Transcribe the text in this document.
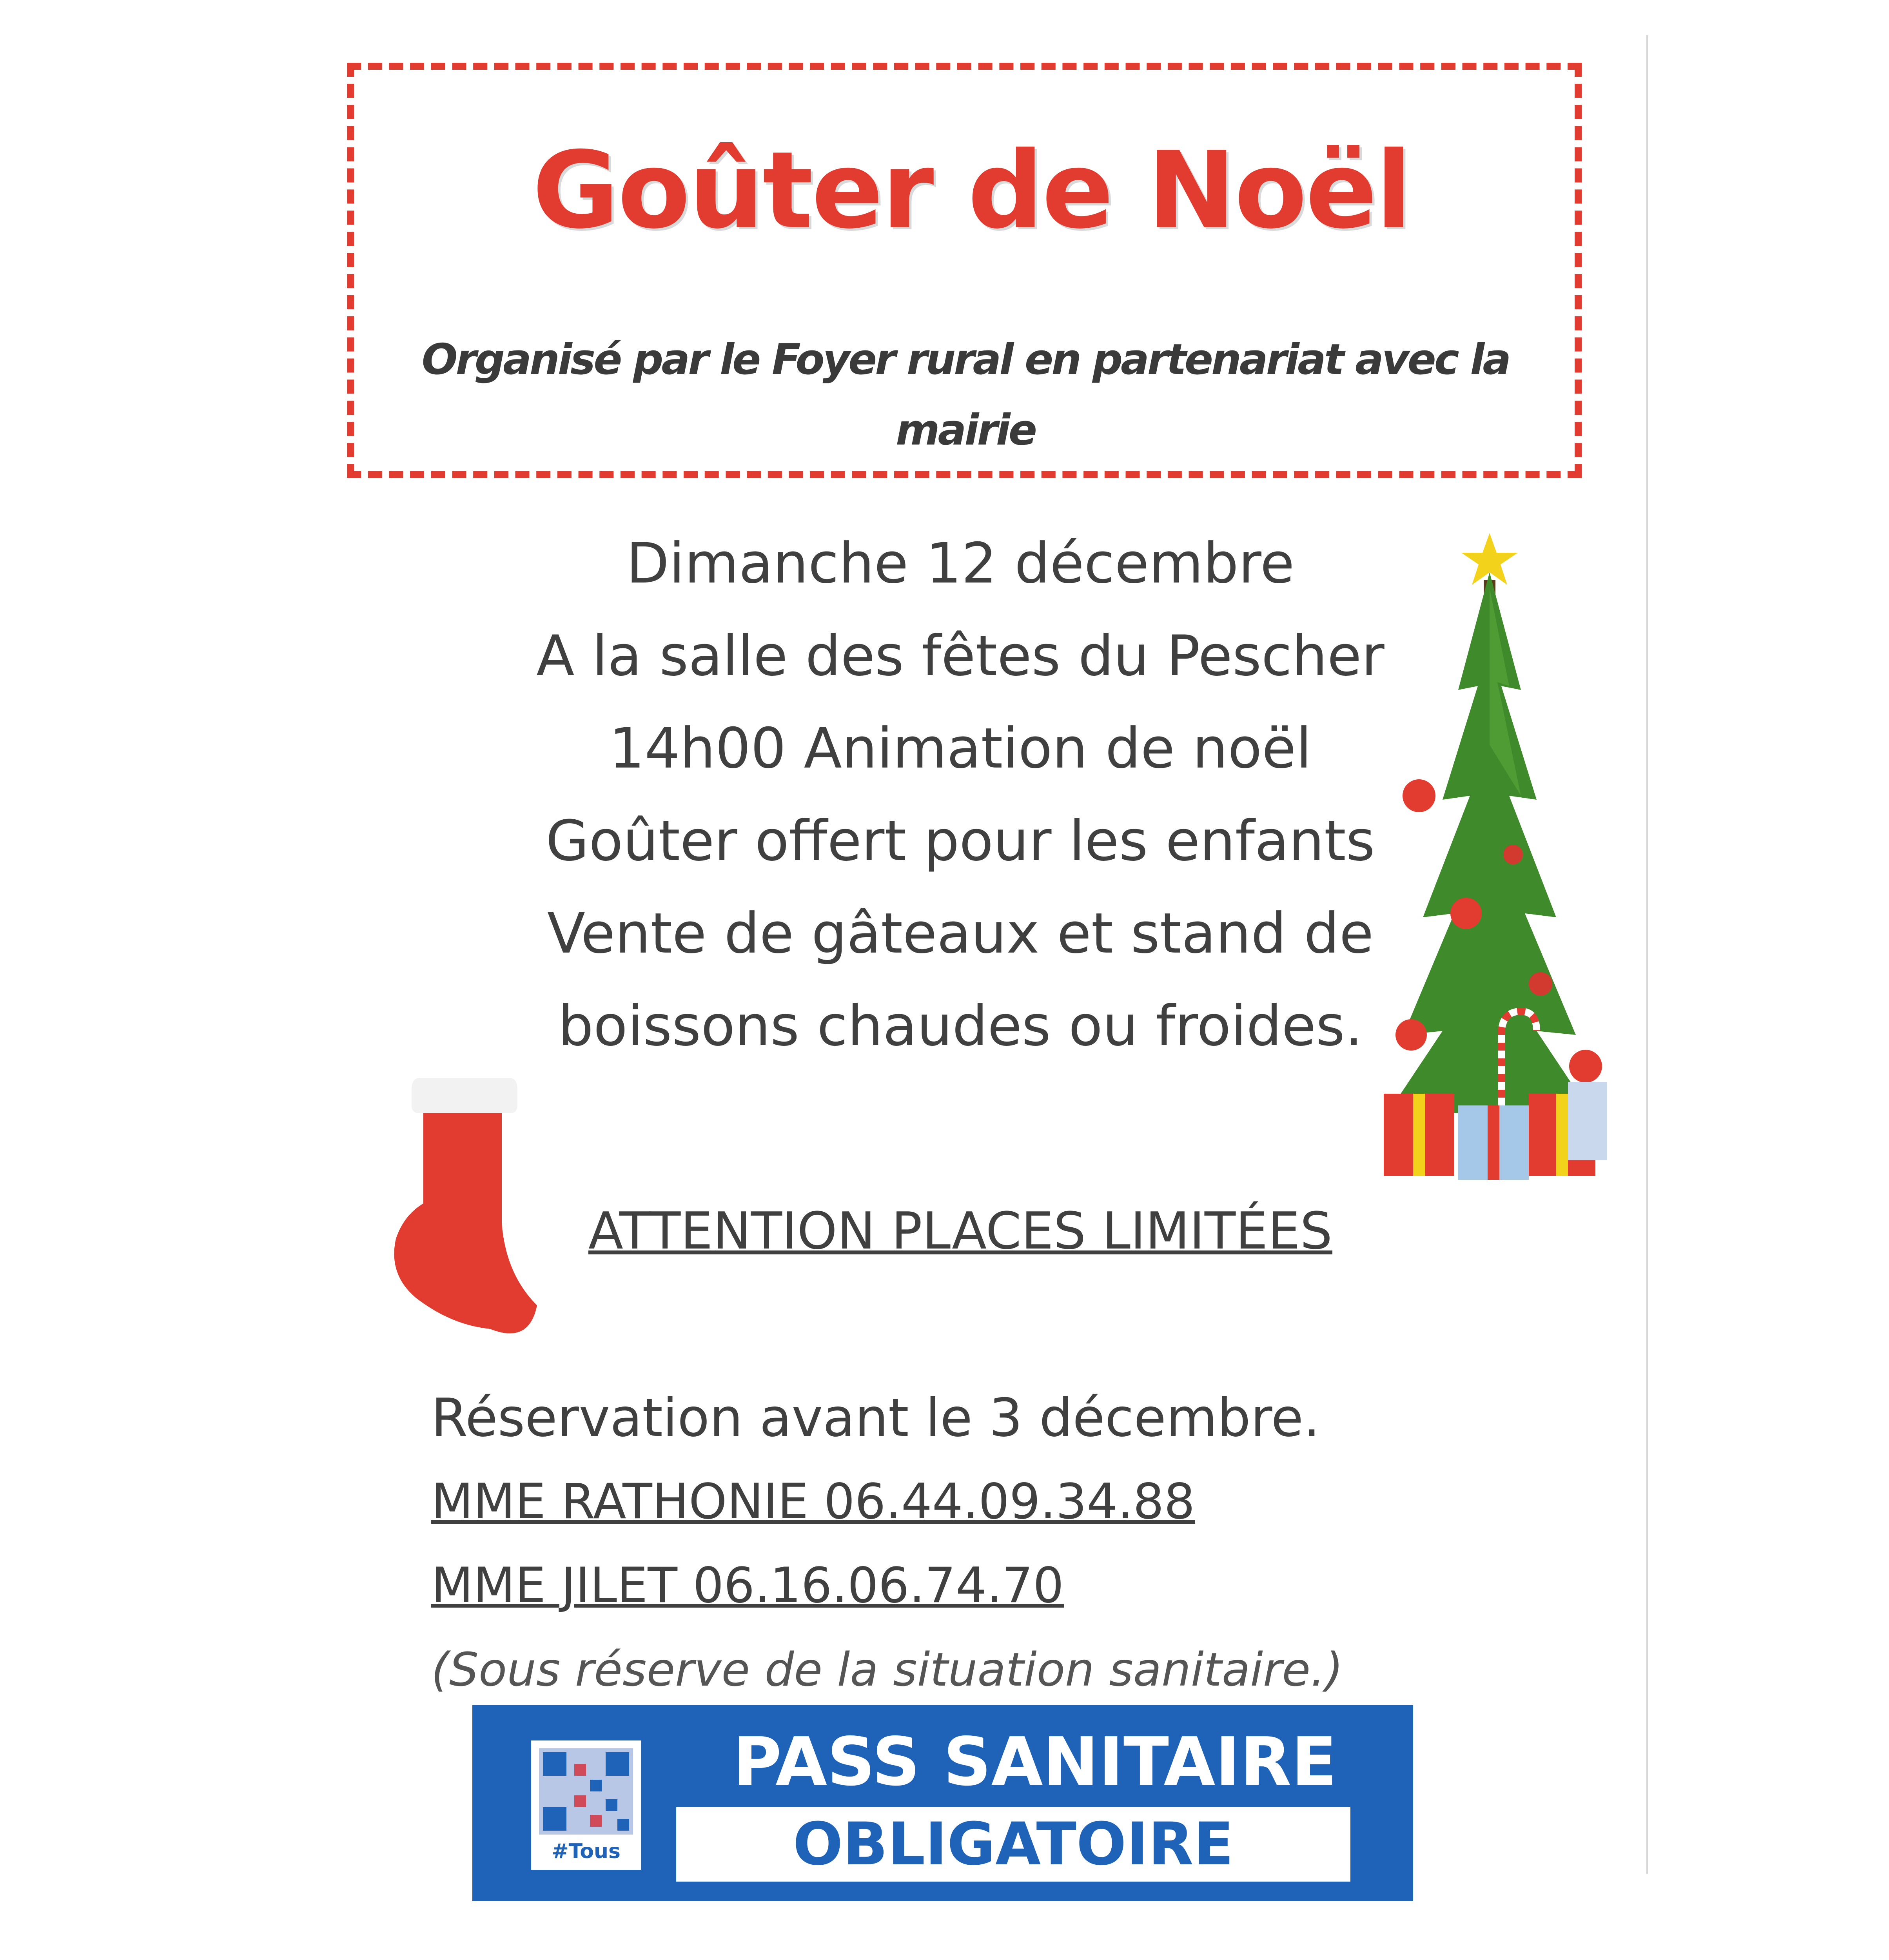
Goûter de Noël

Organisé par le Foyer rural en partenariat avec la
mairie

Dimanche 12 décembre
A la salle des fêtes du Pescher
14h00 Animation de noël
Goûter offert pour les enfants
Vente de gâteaux et stand de
boissons chaudes ou froides.
ATTENTION PLACES LIMITÉES
Réservation avant le 3 décembre.
MME RATHONIE 06.44.09.34.88
MME JILET 06.16.06.74.70
(Sous réserve de la situation sanitaire.)
#Tous
PASS SANITAIRE
OBLIGATOIRE
